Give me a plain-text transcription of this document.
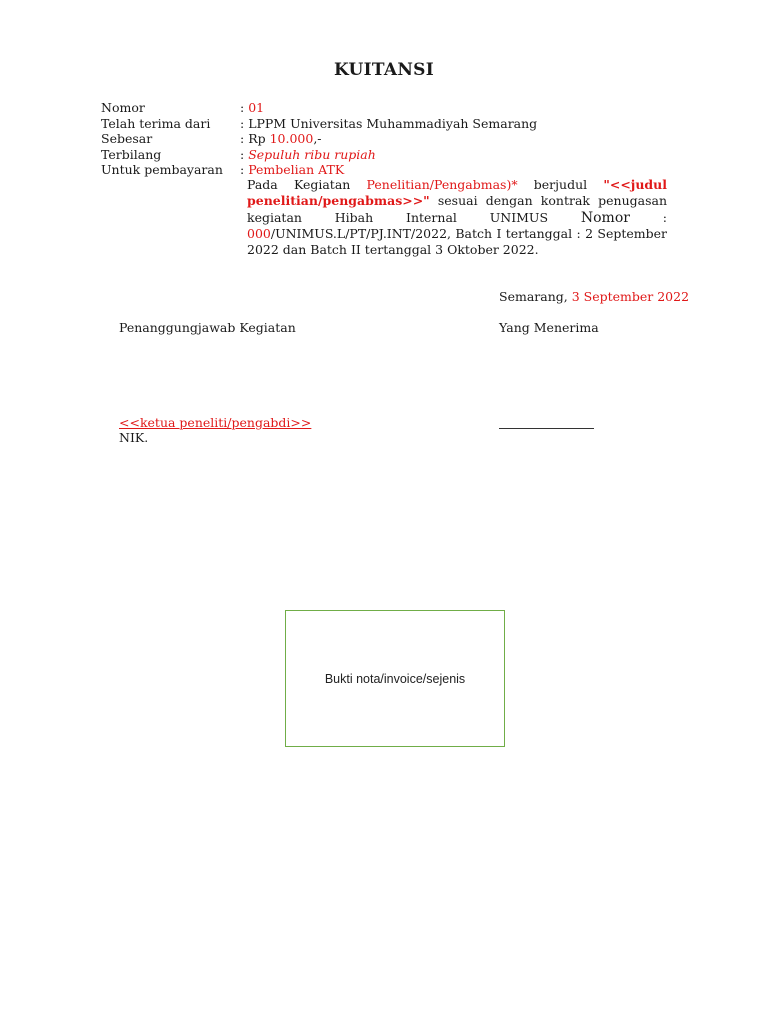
KUITANSI
Nomor	: 01
Telah terima dari : LPPM Universitas Muhammadiyah Semarang
Sebesar	: Rp 10.000,-
Terbilang	: Sepuluh ribu rupiah
Untuk pembayaran : Pembelian ATK
Pada Kegiatan Penelitian/Pengabmas)* berjudul "<<judul penelitian/pengabmas>>" sesuai dengan kontrak penugasan kegiatan Hibah Internal UNIMUS Nomor : 000/UNIMUS.L/PT/PJ.INT/2022, Batch I tertanggal : 2 September 2022 dan Batch II tertanggal 3 Oktober 2022.
Semarang, 3 September 2022
Penanggungjawab Kegiatan	Yang Menerima
<<ketua peneliti/pengabdi>>
NIK.
Bukti nota/invoice/sejenis
